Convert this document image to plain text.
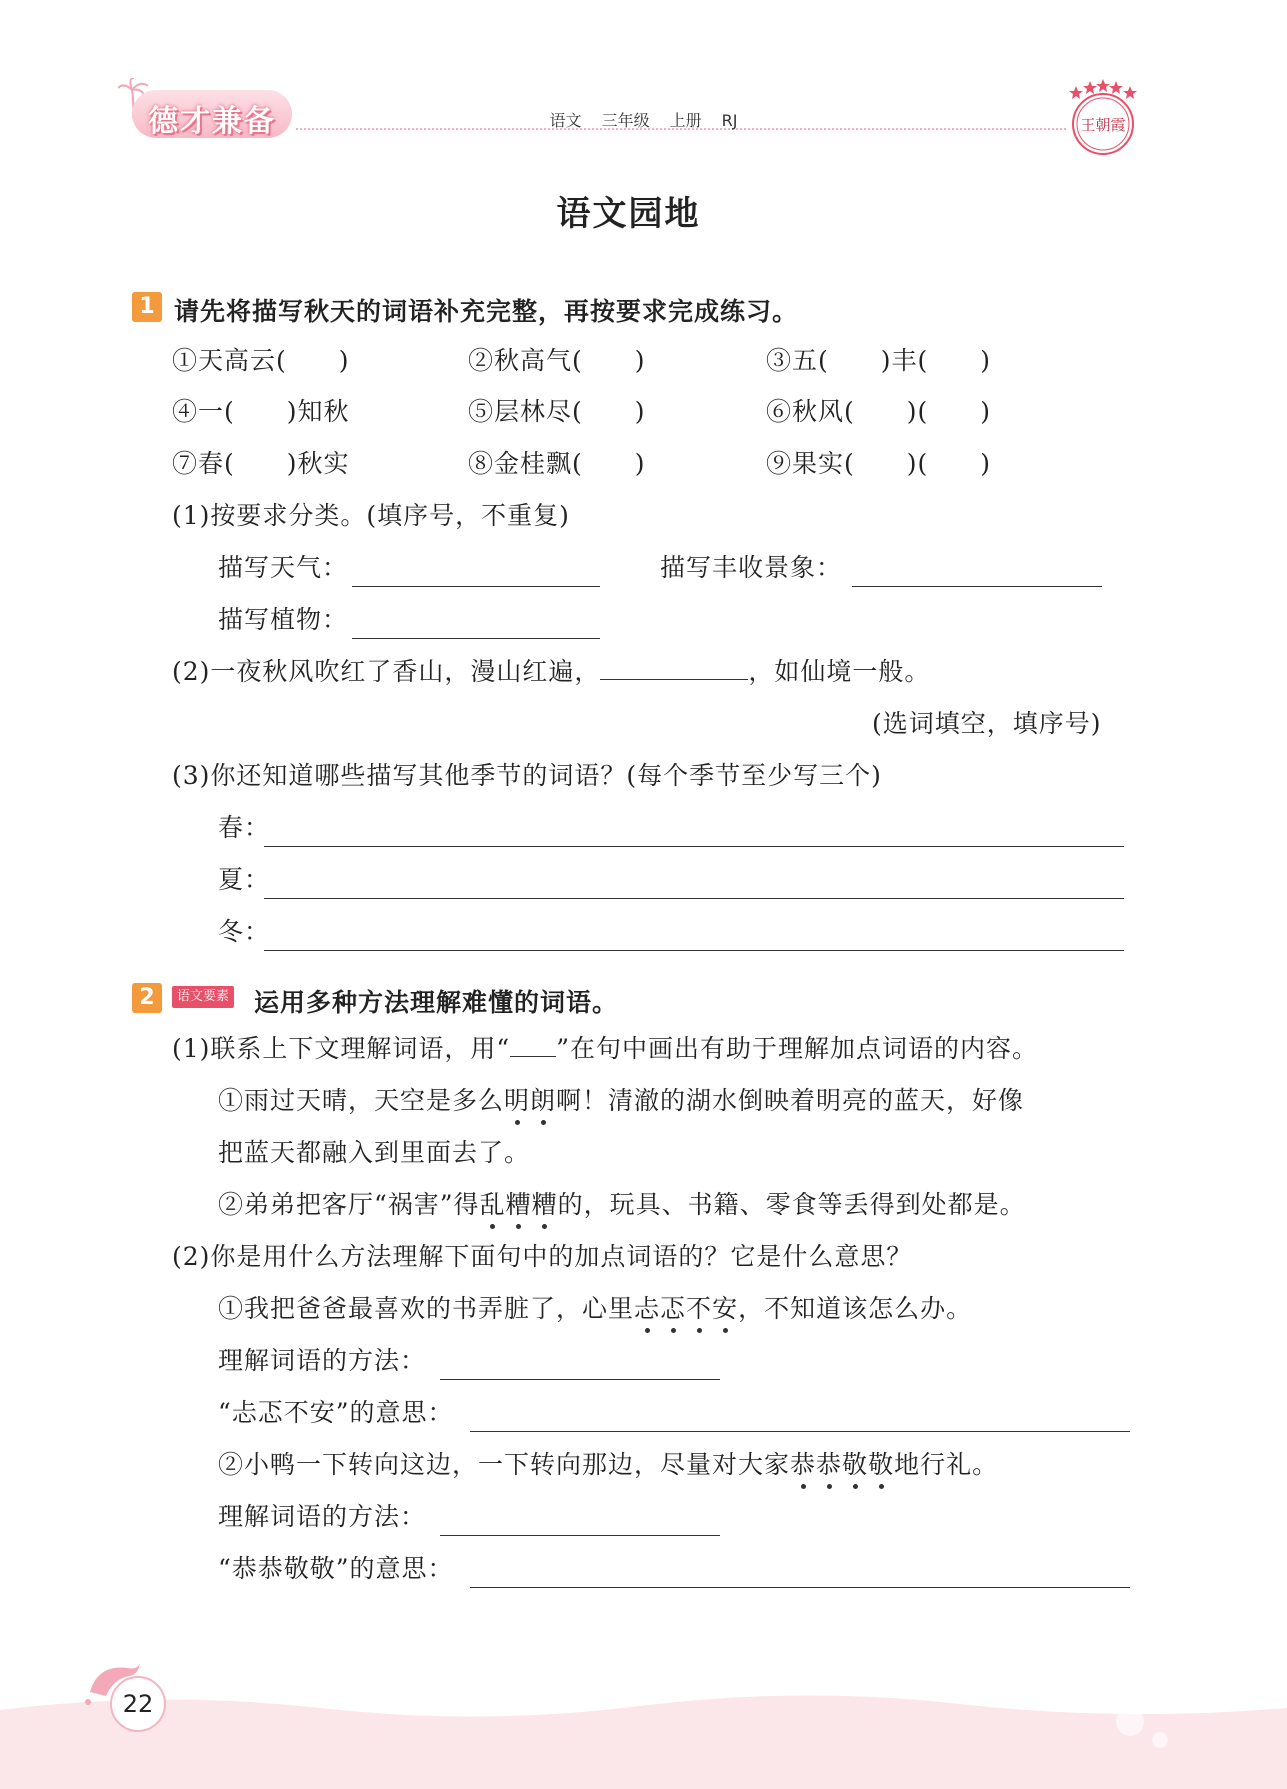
德才兼备	语文 三年级 上册 RJ	王朝霞
语文园地
1 请先将描写秋天的词语补充完整，再按要求完成练习。
①天高云(　　)	②秋高气(　　)	③五(　　)丰(　　)
④一(　　)知秋	⑤层林尽(　　)	⑥秋风(　　)(　　)
⑦春(　　)秋实	⑧金桂飘(　　)	⑨果实(　　)(　　)
(1)按要求分类。(填序号，不重复)
描写天气：	描写丰收景象：
描写植物：
(2)一夜秋风吹红了香山，漫山红遍，	，如仙境一般。
(选词填空，填序号)
(3)你还知道哪些描写其他季节的词语？(每个季节至少写三个)
春：
夏：
冬：
2	语文要素 运用多种方法理解难懂的词语。
(1)联系上下文理解词语，用“ ”在句中画出有助于理解加点词语的内容。
①雨过天晴，天空是多么明朗啊！清澈的湖水倒映着明亮的蓝天，好像
把蓝天都融入到里面去了。
②弟弟把客厅“祸害”得乱糟糟的，玩具、书籍、零食等丢得到处都是。
(2)你是用什么方法理解下面句中的加点词语的？它是什么意思？
①我把爸爸最喜欢的书弄脏了，心里忐忑不安，不知道该怎么办。
理解词语的方法：
“忐忑不安”的意思：
②小鸭一下转向这边，一下转向那边，尽量对大家恭恭敬敬地行礼。
理解词语的方法：
“恭恭敬敬”的意思：
22
